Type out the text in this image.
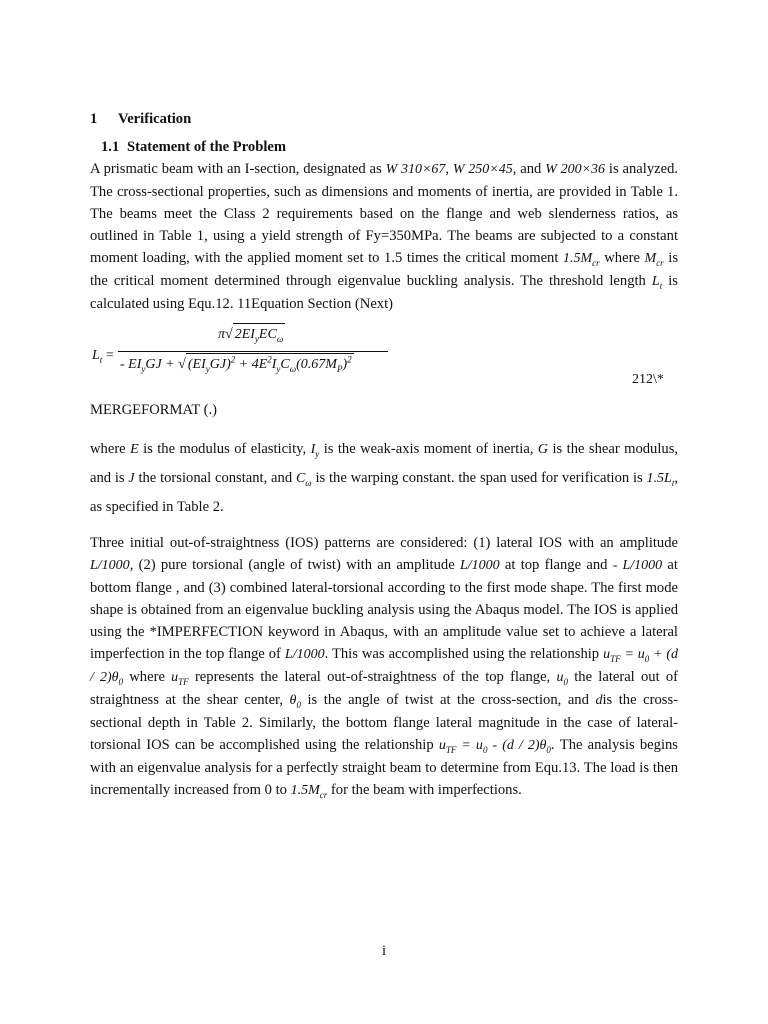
1 Verification
1.1 Statement of the Problem

A prismatic beam with an I-section, designated as W 310×67, W 250×45, and W 200×36 is analyzed. The cross-sectional properties, such as dimensions and moments of inertia, are provided in Table 1. The beams meet the Class 2 requirements based on the flange and web slenderness ratios, as outlined in Table 1, using a yield strength of Fy=350MPa. The beams are subjected to a constant moment loading, with the applied moment set to 1.5 times the critical moment $1.5M_{cr}$ where $M_{cr}$ is the critical moment determined through eigenvalue buckling analysis. The threshold length $L_t$ is calculated using Equ.12. 11Equation Section (Next)

$L_t$ =
π√ $2EI_yEC_\omega$
- $EI_yGJ$ + √ $(EI_yGJ)^2 + 4E^2I_yC_\omega(0.67M_P)^2$
212\*

MERGEFORMAT (.)

where E is the modulus of elasticity, $I_y$ is the weak-axis moment of inertia, G is the shear modulus, and is J the torsional constant, and $C_\omega$ is the warping constant. the span used for verification is $1.5L_t$, as specified in Table 2.

Three initial out-of-straightness (IOS) patterns are considered: (1) lateral IOS with an amplitude L/1000, (2) pure torsional (angle of twist) with an amplitude L/1000 at top flange and - L/1000 at bottom flange , and (3) combined lateral-torsional according to the first mode shape. The first mode shape is obtained from an eigenvalue buckling analysis using the Abaqus model. The IOS is applied using the *IMPERFECTION keyword in Abaqus, with an amplitude value set to achieve a lateral imperfection in the top flange of L/1000. This was accomplished using the relationship $u_{TF} = u_0 + (d / 2)\theta_0$ where $u_{TF}$ represents the lateral out-of-straightness of the top flange, $u_0$ the lateral out of straightness at the shear center, $\theta_0$ is the angle of twist at the cross-section, and dis the cross-sectional depth in Table 2. Similarly, the bottom flange lateral magnitude in the case of lateral-torsional IOS can be accomplished using the relationship $u_{TF} = u_0 - (d / 2)\theta_0$. The analysis begins with an eigenvalue analysis for a perfectly straight beam to determine from Equ.13. The load is then incrementally increased from 0 to $1.5M_{cr}$ for the beam with imperfections.

i
